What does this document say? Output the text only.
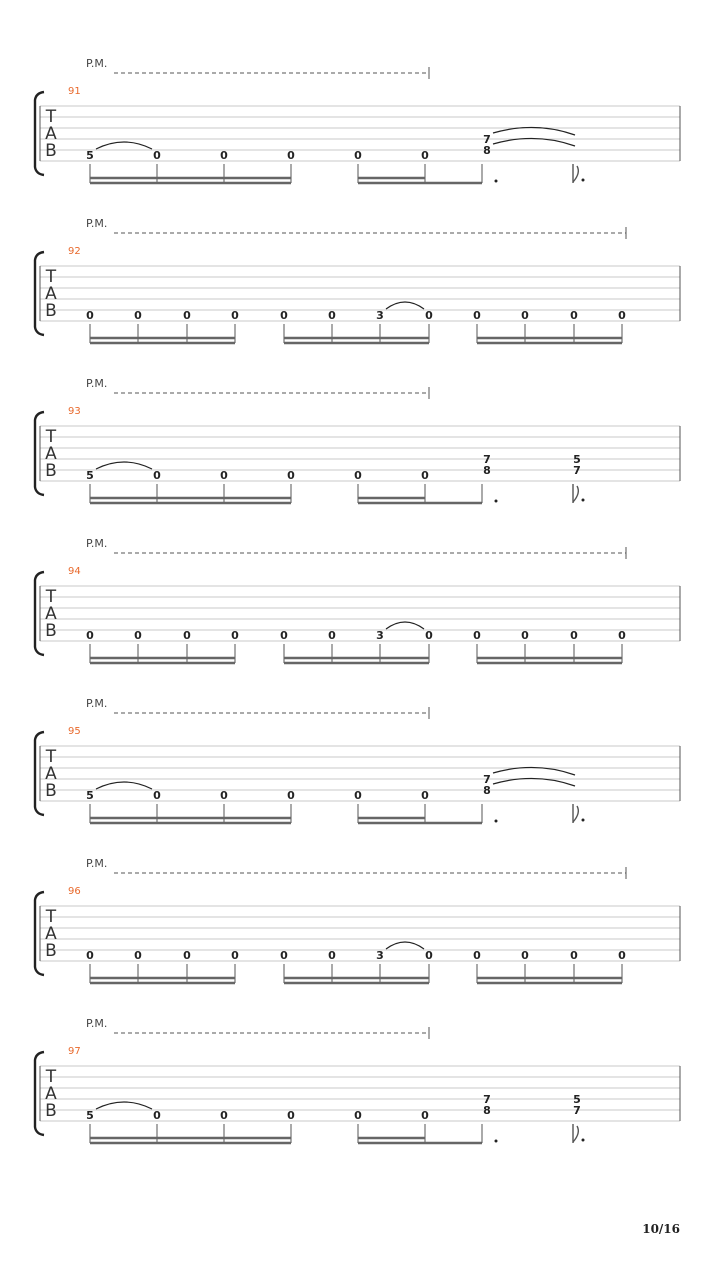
P.M.
91
T
A
B	5	0	0	0	0	0
7
8
P.M.
92
T
A
B	0	0	0	0	0	0	3	0	0	0	0	0
P.M.
93
T
A
B	5	0	0	0	0	0
7
8
5
7
P.M.
94
T
A
B	0	0	0	0	0	0	3	0	0	0	0	0
P.M.
95
T
A
B	5	0	0	0	0	0
7
8
P.M.
96
T
A
B	0	0	0	0	0	0	3	0	0	0	0	0
P.M.
97
T
A
B	5	0	0	0	0	0
7
8
5
7
10/16
